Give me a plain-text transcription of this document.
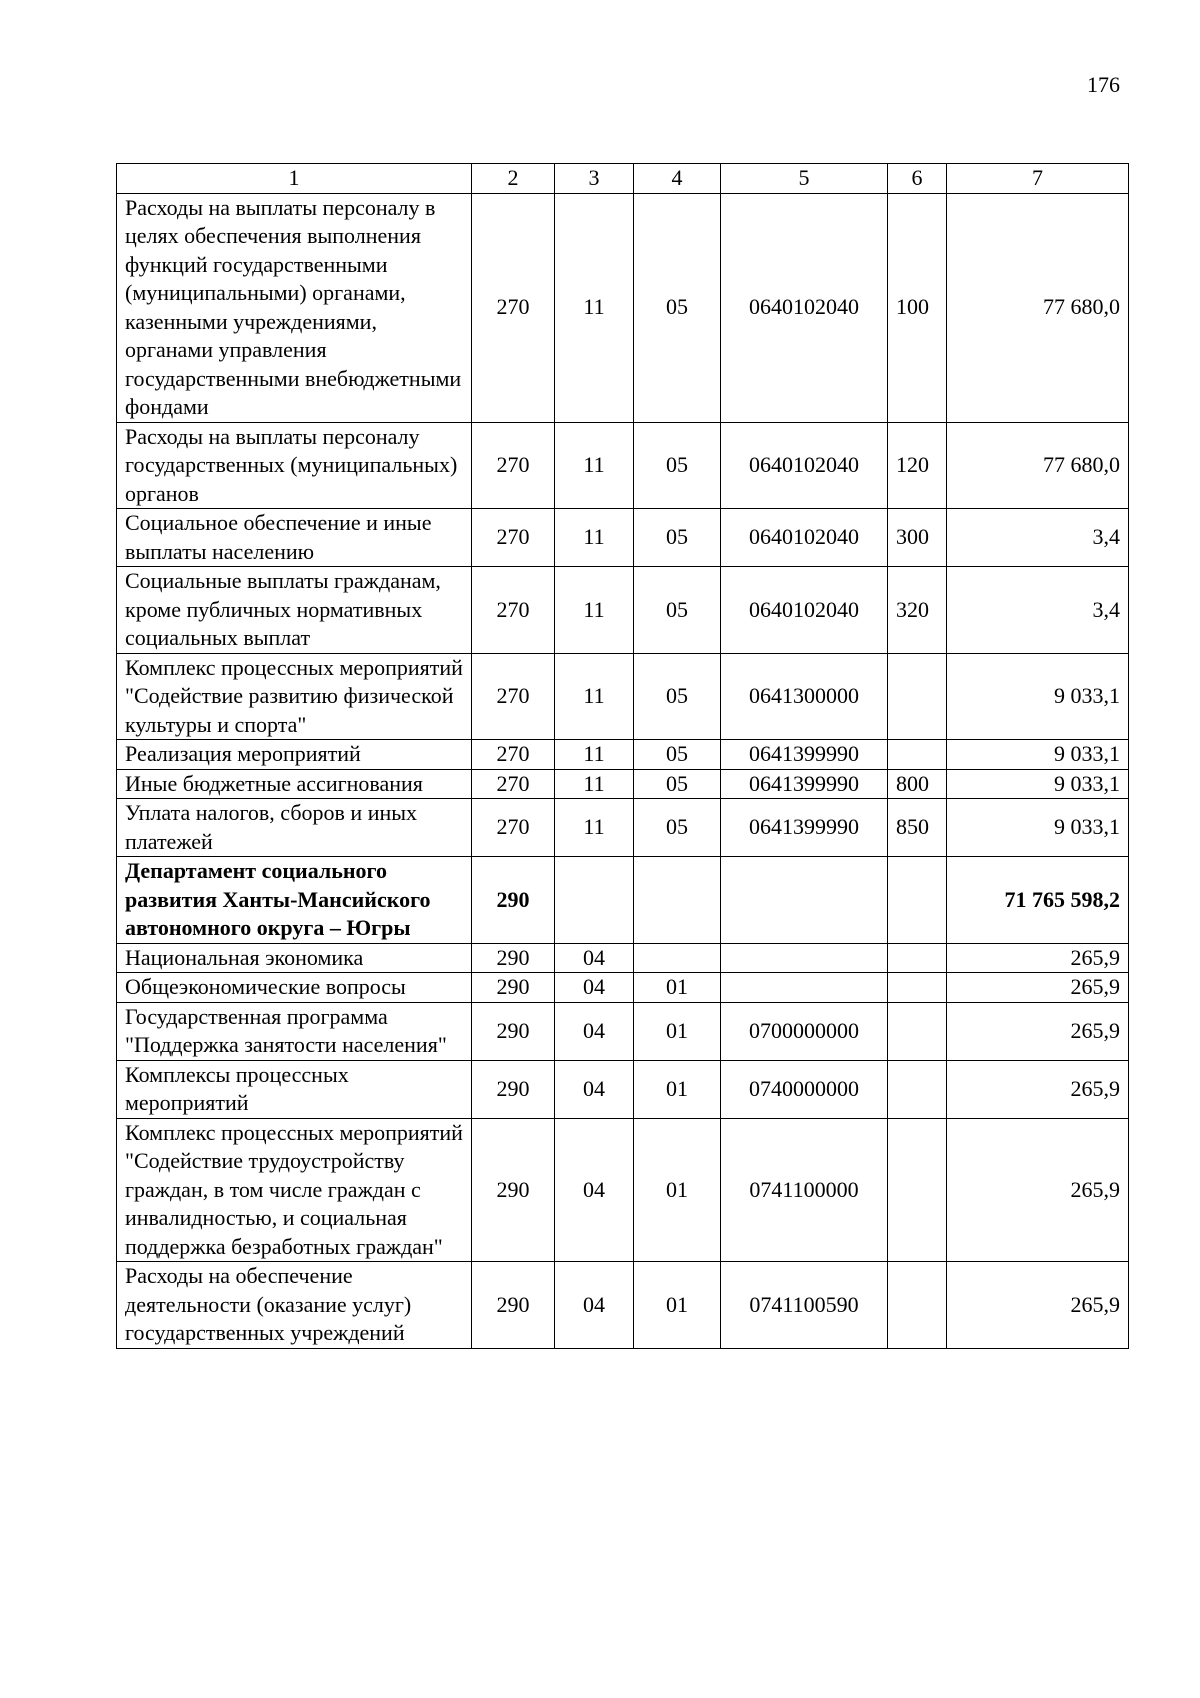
176
1	2	3	4	5	6	7
Расходы на выплаты персоналу в целях обеспечения выполнения функций государственными (муниципальными) органами, казенными учреждениями, органами управления государственными внебюджетными фондами	270	11	05	0640102040	100	77 680,0
Расходы на выплаты персоналу государственных (муниципальных) органов	270	11	05	0640102040	120	77 680,0
Социальное обеспечение и иные выплаты населению	270	11	05	0640102040	300	3,4
Социальные выплаты гражданам, кроме публичных нормативных социальных выплат	270	11	05	0640102040	320	3,4
Комплекс процессных мероприятий "Содействие развитию физической культуры и спорта"	270	11	05	0641300000		9 033,1
Реализация мероприятий	270	11	05	0641399990		9 033,1
Иные бюджетные ассигнования	270	11	05	0641399990	800	9 033,1
Уплата налогов, сборов и иных платежей	270	11	05	0641399990	850	9 033,1
Департамент социального развития Ханты-Мансийского автономного округа – Югры	290					71 765 598,2
Национальная экономика	290	04				265,9
Общеэкономические вопросы	290	04	01			265,9
Государственная программа "Поддержка занятости населения"	290	04	01	0700000000		265,9
Комплексы процессных мероприятий	290	04	01	0740000000		265,9
Комплекс процессных мероприятий "Содействие трудоустройству граждан, в том числе граждан с инвалидностью, и социальная поддержка безработных граждан"	290	04	01	0741100000		265,9
Расходы на обеспечение деятельности (оказание услуг) государственных учреждений	290	04	01	0741100590		265,9
